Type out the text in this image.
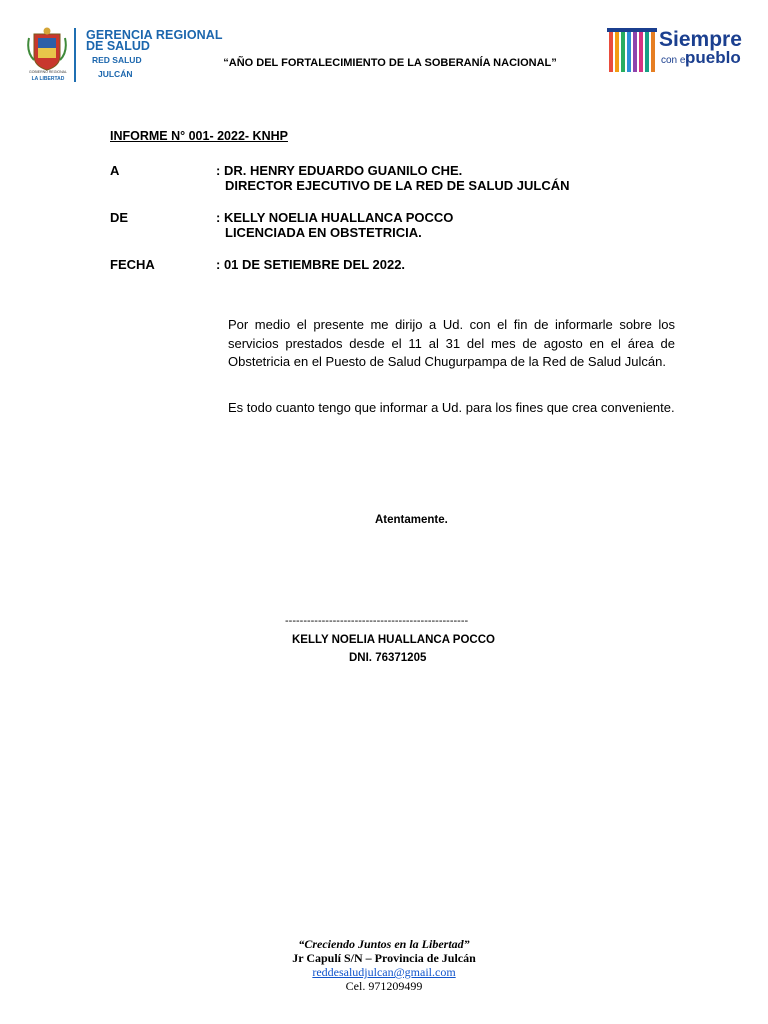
GOBIERNO REGIONAL
LA LIBERTAD
GERENCIA REGIONAL
DE SALUD
RED SALUD
JULCÁN
“AÑO DEL FORTALECIMIENTO DE LA SOBERANÍA NACIONAL”
Siempre
con el
pueblo
INFORME N° 001- 2022- KNHP
A	: DR. HENRY EDUARDO GUANILO CHE.
DIRECTOR EJECUTIVO DE LA RED DE SALUD JULCÁN
DE	: KELLY NOELIA HUALLANCA POCCO
LICENCIADA EN OBSTETRICIA.
FECHA	: 01 DE SETIEMBRE DEL 2022.
Por medio el presente me dirijo a Ud. con el fin de informarle sobre los servicios prestados desde el 11 al 31 del mes de agosto en el área de Obstetricia en el Puesto de Salud Chugurpampa de la Red de Salud Julcán.
Es todo cuanto tengo que informar a Ud. para los fines que crea conveniente.
Atentamente.
--------------------------------------------------
KELLY NOELIA HUALLANCA POCCO
DNI. 76371205
“Creciendo Juntos en la Libertad”
Jr Capulí S/N – Provincia de Julcán
reddesaludjulcan@gmail.com
Cel. 971209499
